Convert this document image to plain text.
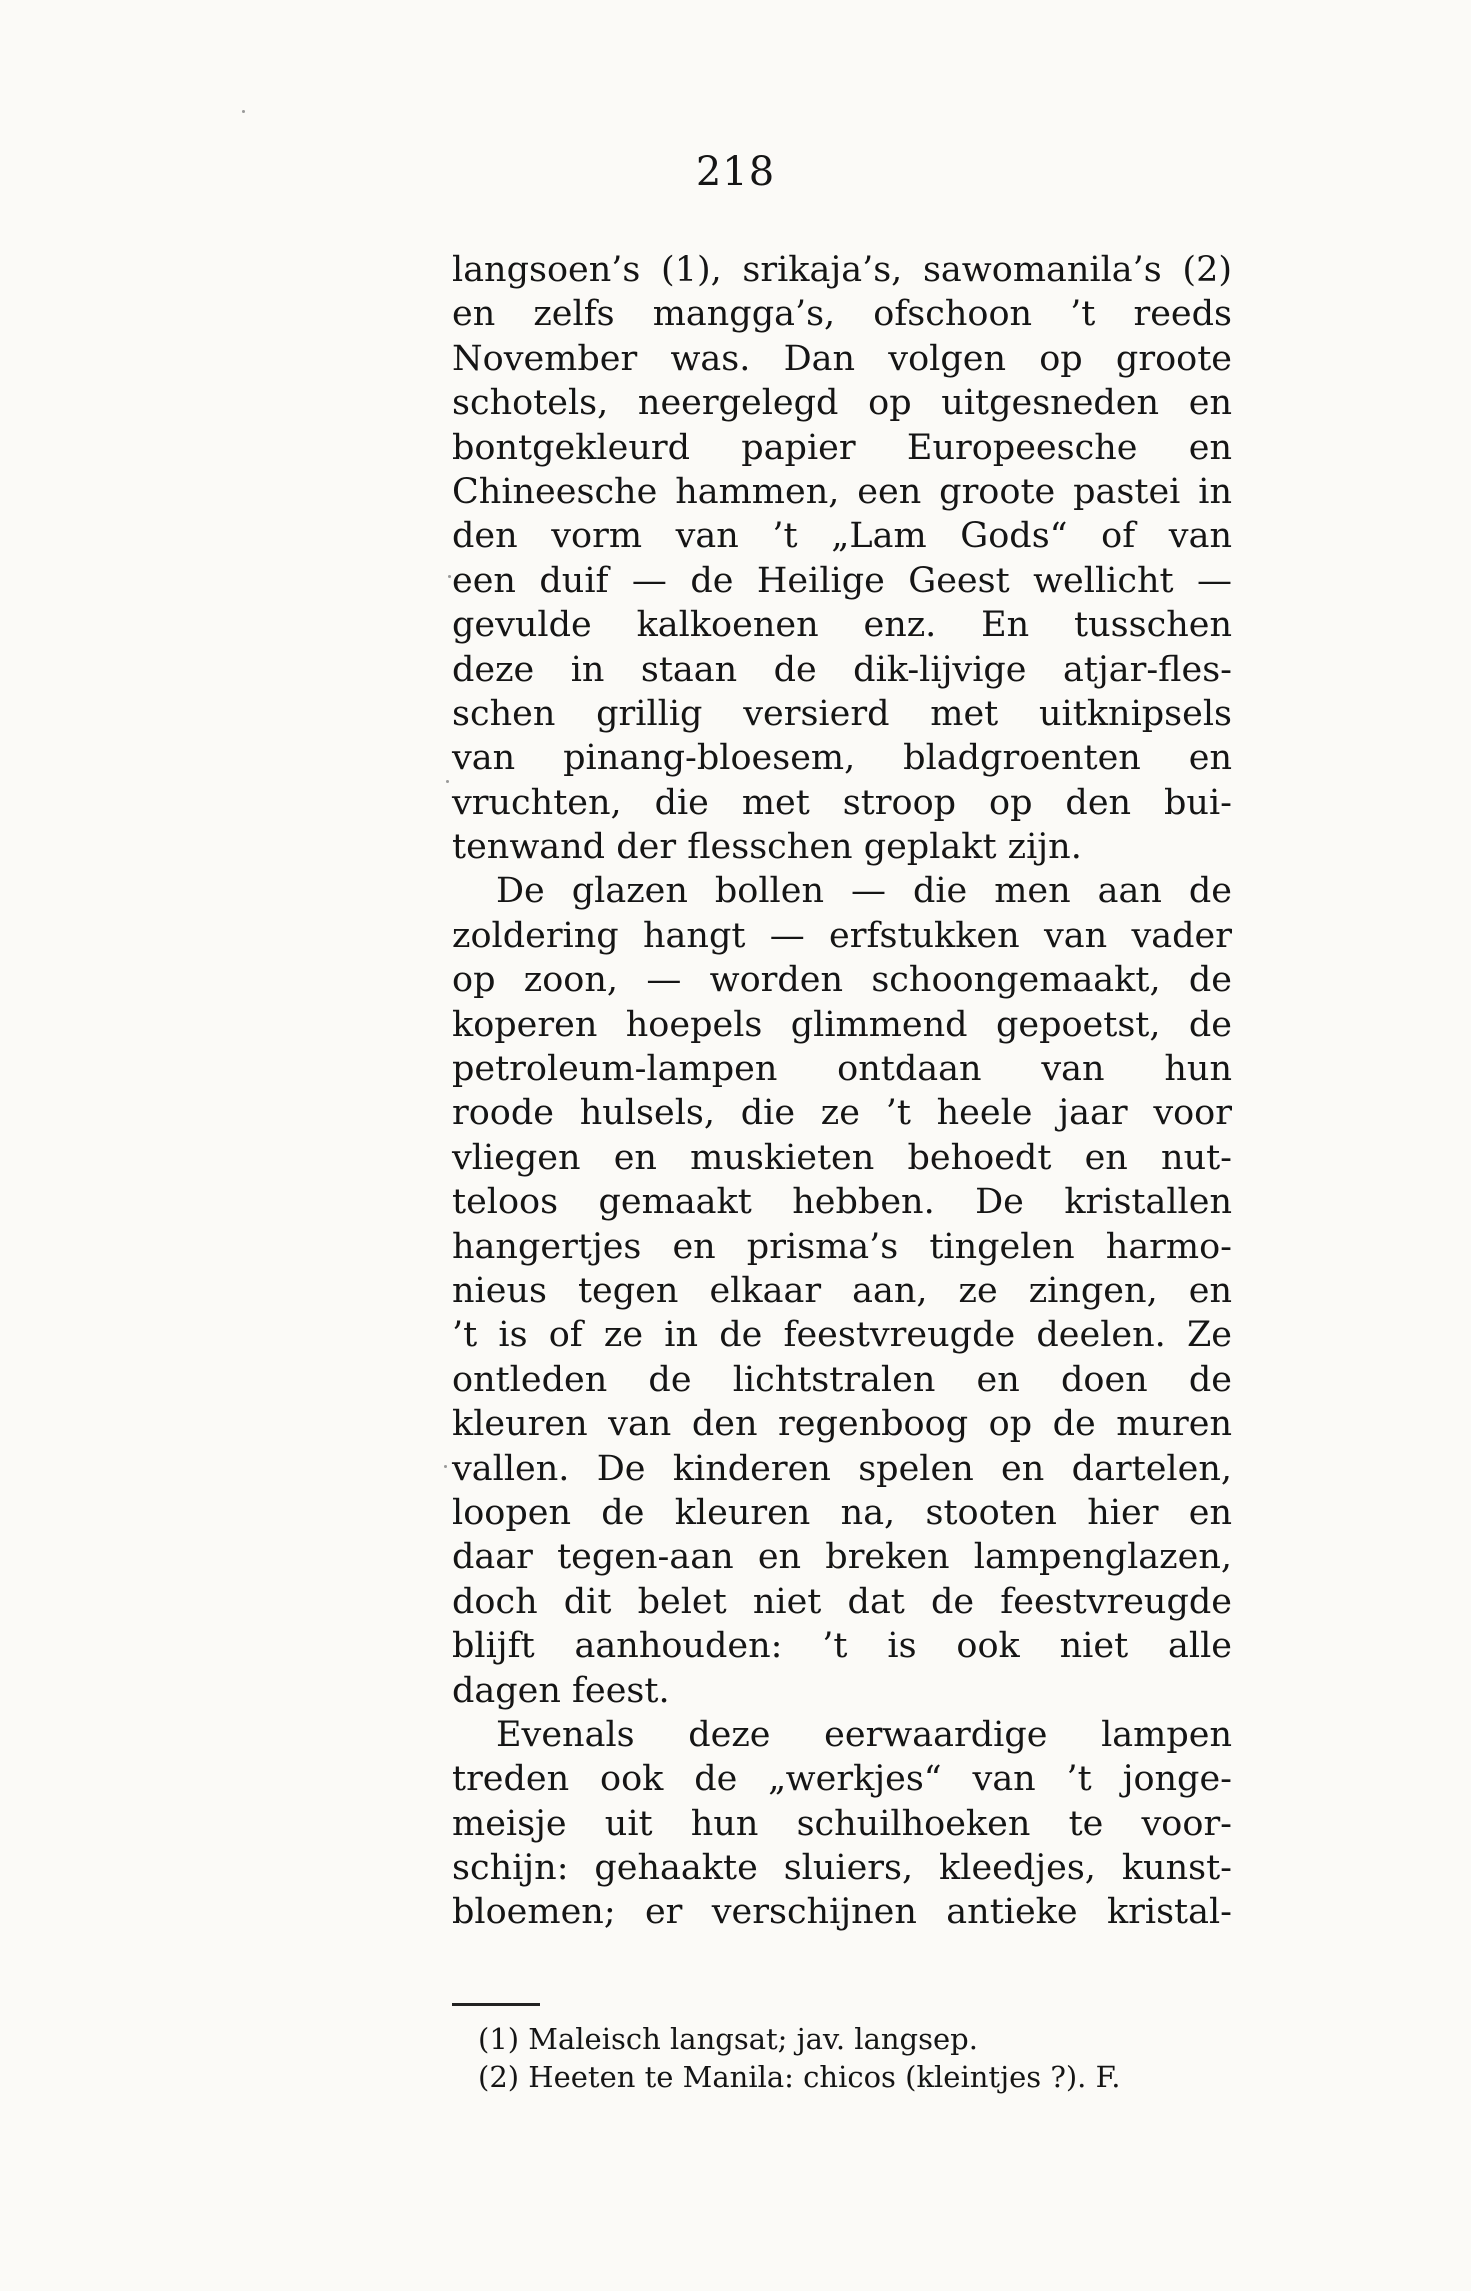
218
langsoen’s (1), srikaja’s, sawomanila’s (2)
en zelfs mangga’s, ofschoon ’t reeds
November was. Dan volgen op groote
schotels, neergelegd op uitgesneden en
bontgekleurd papier Europeesche en
Chineesche hammen, een groote pastei in
den vorm van ’t „Lam Gods“ of van
een duif — de Heilige Geest wellicht —
gevulde kalkoenen enz. En tusschen
deze in staan de dik-lijvige atjar-fles-
schen grillig versierd met uitknipsels
van pinang-bloesem, bladgroenten en
vruchten, die met stroop op den bui-
tenwand der flesschen geplakt zijn.
De glazen bollen — die men aan de
zoldering hangt — erfstukken van vader
op zoon, — worden schoongemaakt, de
koperen hoepels glimmend gepoetst, de
petroleum-lampen ontdaan van hun
roode hulsels, die ze ’t heele jaar voor
vliegen en muskieten behoedt en nut-
teloos gemaakt hebben. De kristallen
hangertjes en prisma’s tingelen harmo-
nieus tegen elkaar aan, ze zingen, en
’t is of ze in de feestvreugde deelen. Ze
ontleden de lichtstralen en doen de
kleuren van den regenboog op de muren
vallen. De kinderen spelen en dartelen,
loopen de kleuren na, stooten hier en
daar tegen-aan en breken lampenglazen,
doch dit belet niet dat de feestvreugde
blijft aanhouden: ’t is ook niet alle
dagen feest.
Evenals deze eerwaardige lampen
treden ook de „werkjes“ van ’t jonge-
meisje uit hun schuilhoeken te voor-
schijn: gehaakte sluiers, kleedjes, kunst-
bloemen; er verschijnen antieke kristal-
(1) Maleisch langsat; jav. langsep.
(2) Heeten te Manila: chicos (kleintjes ?). F.
